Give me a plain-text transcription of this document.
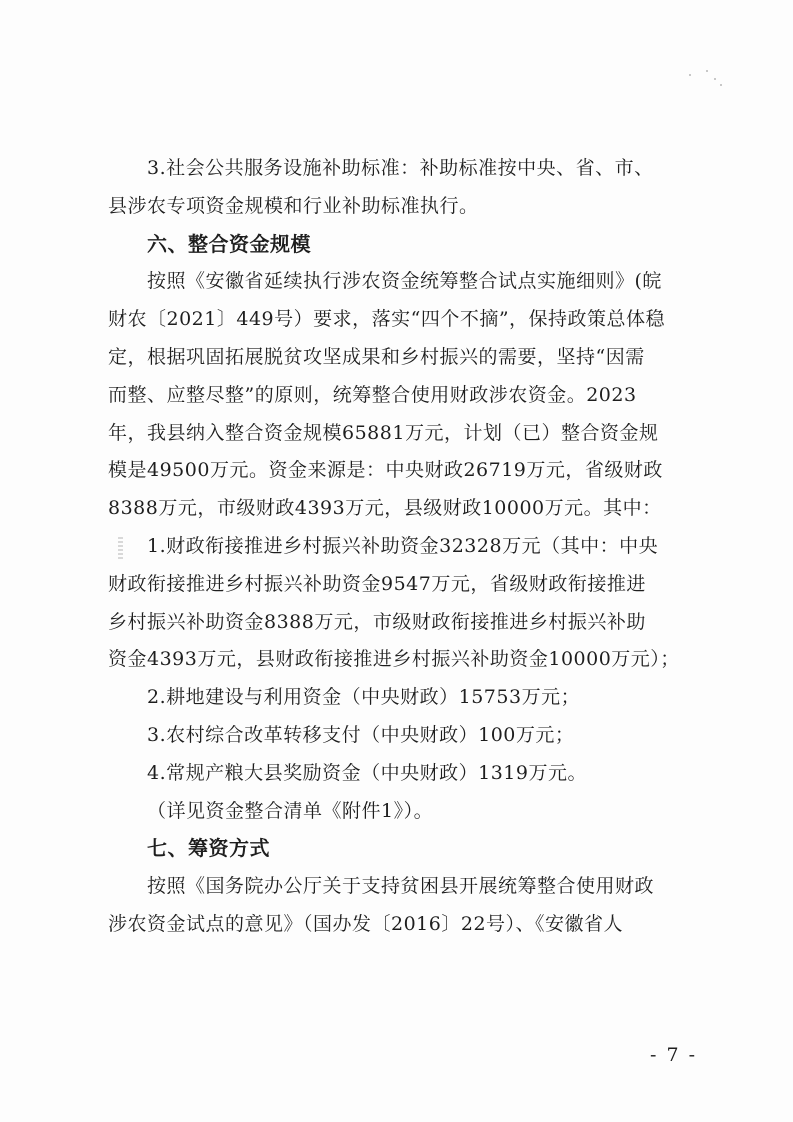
3.社会公共服务设施补助标准：补助标准按中央、省、市、
县涉农专项资金规模和行业补助标准执行。
六、整合资金规模
按照《安徽省延续执行涉农资金统筹整合试点实施细则》(皖
财农〔2021〕449号）要求，落实“四个不摘”，保持政策总体稳
定，根据巩固拓展脱贫攻坚成果和乡村振兴的需要，坚持“因需
而整、应整尽整”的原则，统筹整合使用财政涉农资金。2023
年，我县纳入整合资金规模65881万元，计划（已）整合资金规
模是49500万元。资金来源是：中央财政26719万元，省级财政
8388万元，市级财政4393万元，县级财政10000万元。其中：
1.财政衔接推进乡村振兴补助资金32328万元（其中：中央
财政衔接推进乡村振兴补助资金9547万元，省级财政衔接推进
乡村振兴补助资金8388万元，市级财政衔接推进乡村振兴补助
资金4393万元，县财政衔接推进乡村振兴补助资金10000万元）；
2.耕地建设与利用资金（中央财政）15753万元；
3.农村综合改革转移支付（中央财政）100万元；
4.常规产粮大县奖励资金（中央财政）1319万元。
（详见资金整合清单《附件1》）。
七、筹资方式
按照《国务院办公厅关于支持贫困县开展统筹整合使用财政
涉农资金试点的意见》（国办发〔2016〕22号）、《安徽省人
- 7 -
